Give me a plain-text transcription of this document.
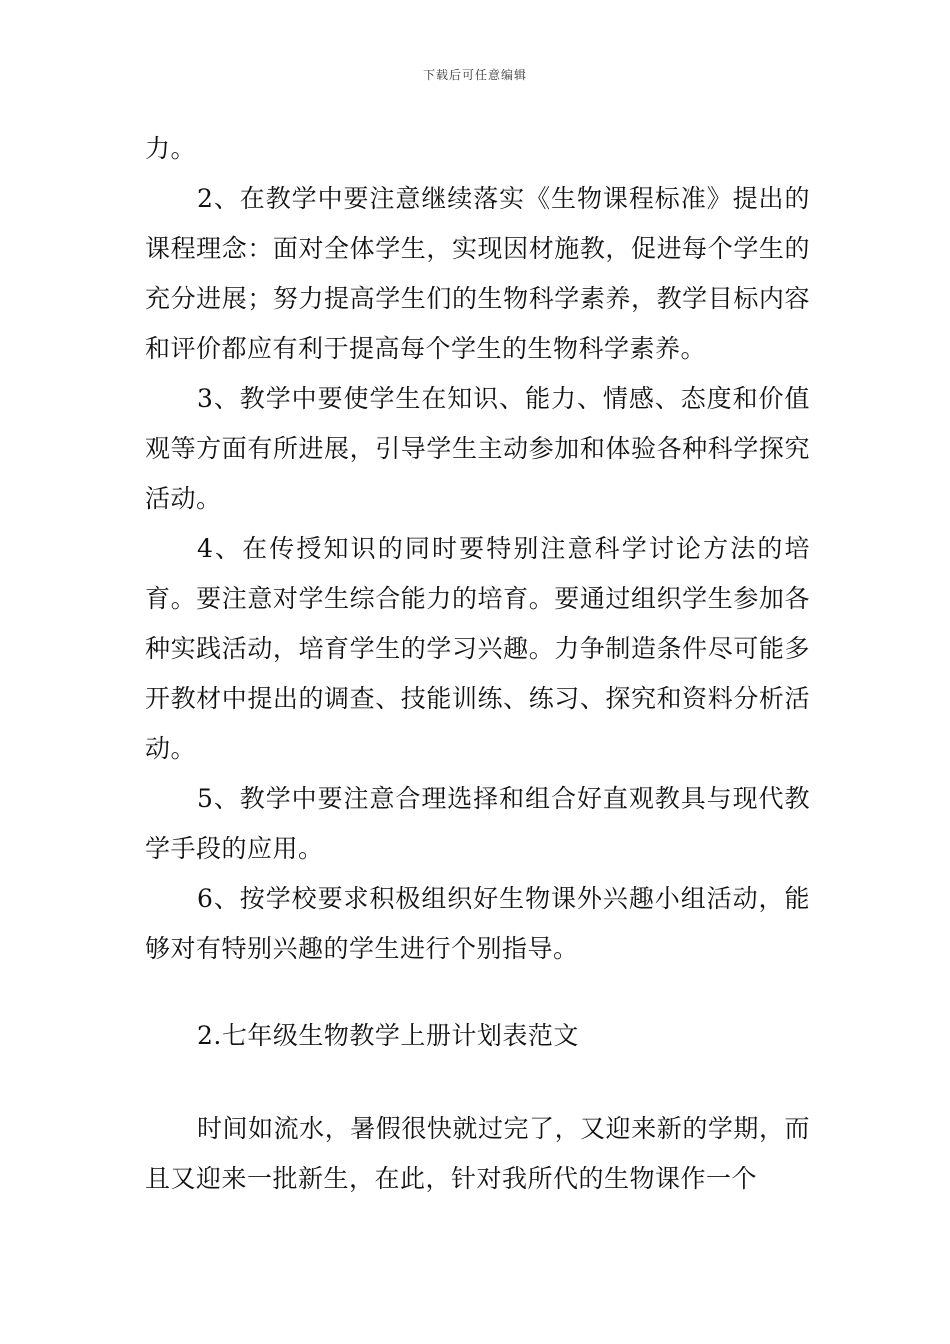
下载后可任意编辑

力。

2、在教学中要注意继续落实《生物课程标准》提出的课程理念：面对全体学生，实现因材施教，促进每个学生的充分进展；努力提高学生们的生物科学素养，教学目标内容和评价都应有利于提高每个学生的生物科学素养。

3、教学中要使学生在知识、能力、情感、态度和价值观等方面有所进展，引导学生主动参加和体验各种科学探究活动。

4、在传授知识的同时要特别注意科学讨论方法的培育。要注意对学生综合能力的培育。要通过组织学生参加各种实践活动，培育学生的学习兴趣。力争制造条件尽可能多开教材中提出的调查、技能训练、练习、探究和资料分析活动。

5、教学中要注意合理选择和组合好直观教具与现代教学手段的应用。

6、按学校要求积极组织好生物课外兴趣小组活动，能够对有特别兴趣的学生进行个别指导。

2.七年级生物教学上册计划表范文

时间如流水，暑假很快就过完了，又迎来新的学期，而且又迎来一批新生，在此，针对我所代的生物课作一个
